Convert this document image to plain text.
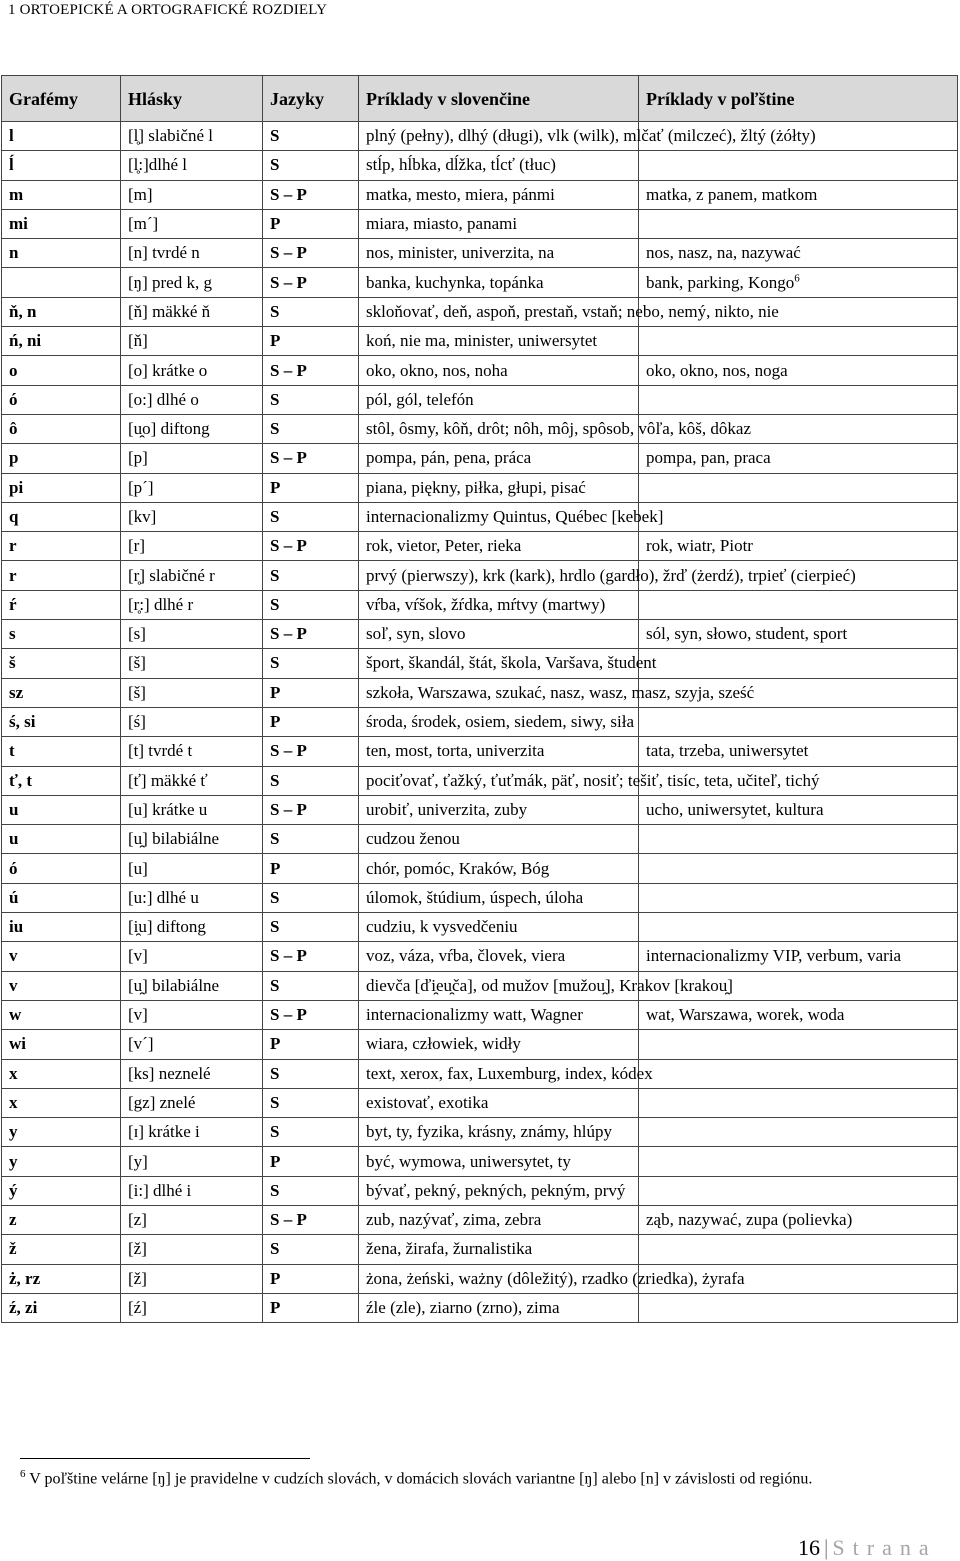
1 ORTOEPICKÉ A ORTOGRAFICKÉ ROZDIELY
Grafémy	Hlásky	Jazyky	Príklady v slovenčine	Príklady v poľštine
l	[l̥] slabičné l	S	plný (pełny), dlhý (długi), vlk (wilk), mlčať (milczeć), žltý (żółty)	
ĺ	[l̥:]dlhé l	S	stĺp, hĺbka, dĺžka, tĺcť (tłuc)	
m	[m]	S – P	matka, mesto, miera, pánmi	matka, z panem, matkom
mi	[m´]	P	miara, miasto, panami	
n	[n] tvrdé n	S – P	nos, minister, univerzita, na	nos, nasz, na, nazywać
	[ŋ] pred k, g	S – P	banka, kuchynka, topánka	bank, parking, Kongo$^6$
ň, n	[ň] mäkké ň	S	skloňovať, deň, aspoň, prestaň, vstaň; nebo, nemý, nikto, nie	
ń, ni	[ň]	P	koń, nie ma, minister, uniwersytet	
o	[o] krátke o	S – P	oko, okno, nos, noha	oko, okno, nos, noga
ó	[o:] dlhé o	S	pól, gól, telefón	
ô	[u̯o] diftong	S	stôl, ôsmy, kôň, drôt; nôh, môj, spôsob, vôľa, kôš, dôkaz	
p	[p]	S – P	pompa, pán, pena, práca	pompa, pan, praca
pi	[p´]	P	piana, piękny, piłka, głupi, pisać	
q	[kv]	S	internacionalizmy Quintus, Québec [kebek]	
r	[r]	S – P	rok, vietor, Peter, rieka	rok, wiatr, Piotr
r	[r̥] slabičné r	S	prvý (pierwszy), krk (kark), hrdlo (gardło), žrď (żerdź), trpieť (cierpieć)	
ŕ	[r̥:] dlhé r	S	vŕba, vŕšok, žŕdka, mŕtvy (martwy)	
s	[s]	S – P	soľ, syn, slovo	sól, syn, słowo, student, sport
š	[š]	S	šport, škandál, štát, škola, Varšava, študent	
sz	[š]	P	szkoła, Warszawa, szukać, nasz, wasz, masz, szyja, sześć	
ś, si	[ś]	P	środa, środek, osiem, siedem, siwy, siła	
t	[t] tvrdé t	S – P	ten, most, torta, univerzita	tata, trzeba, uniwersytet
ť, t	[ť] mäkké ť	S	pociťovať, ťažký, ťuťmák, päť, nosiť; tešiť, tisíc, teta, učiteľ, tichý	
u	[u] krátke u	S – P	urobiť, univerzita, zuby	ucho, uniwersytet, kultura
u	[u̯] bilabiálne	S	cudzou ženou	
ó	[u]	P	chór, pomóc, Kraków, Bóg	
ú	[u:] dlhé u	S	úlomok, štúdium, úspech, úloha	
iu	[i̯u] diftong	S	cudziu, k vysvedčeniu	
v	[v]	S – P	voz, váza, vŕba, človek, viera	internacionalizmy VIP, verbum, varia
v	[u̯] bilabiálne	S	dievča [ďi̯eu̯ča], od mužov [mužou̯], Krakov [krakou̯]	
w	[v]	S – P	internacionalizmy watt, Wagner	wat, Warszawa, worek, woda
wi	[v´]	P	wiara, człowiek, widły	
x	[ks] neznelé	S	text, xerox, fax, Luxemburg, index, kódex	
x	[gz] znelé	S	existovať, exotika	
y	[ɪ] krátke i	S	byt, ty, fyzika, krásny, známy, hlúpy	
y	[y]	P	być, wymowa, uniwersytet, ty	
ý	[i:] dlhé i	S	bývať, pekný, pekných, pekným, prvý	
z	[z]	S – P	zub, nazývať, zima, zebra	ząb, nazywać, zupa (polievka)
ž	[ž]	S	žena, žirafa, žurnalistika	
ż, rz	[ž]	P	żona, żeński, ważny (dôležitý), rzadko (zriedka), żyrafa	
ź, zi	[ź]	P	źle (zle), ziarno (zrno), zima	
$^6$ V poľštine velárne [ŋ] je pravidelne v cudzích slovách, v domácich slovách variantne [ŋ] alebo [n] v závislosti od regiónu.
16 | Strana
